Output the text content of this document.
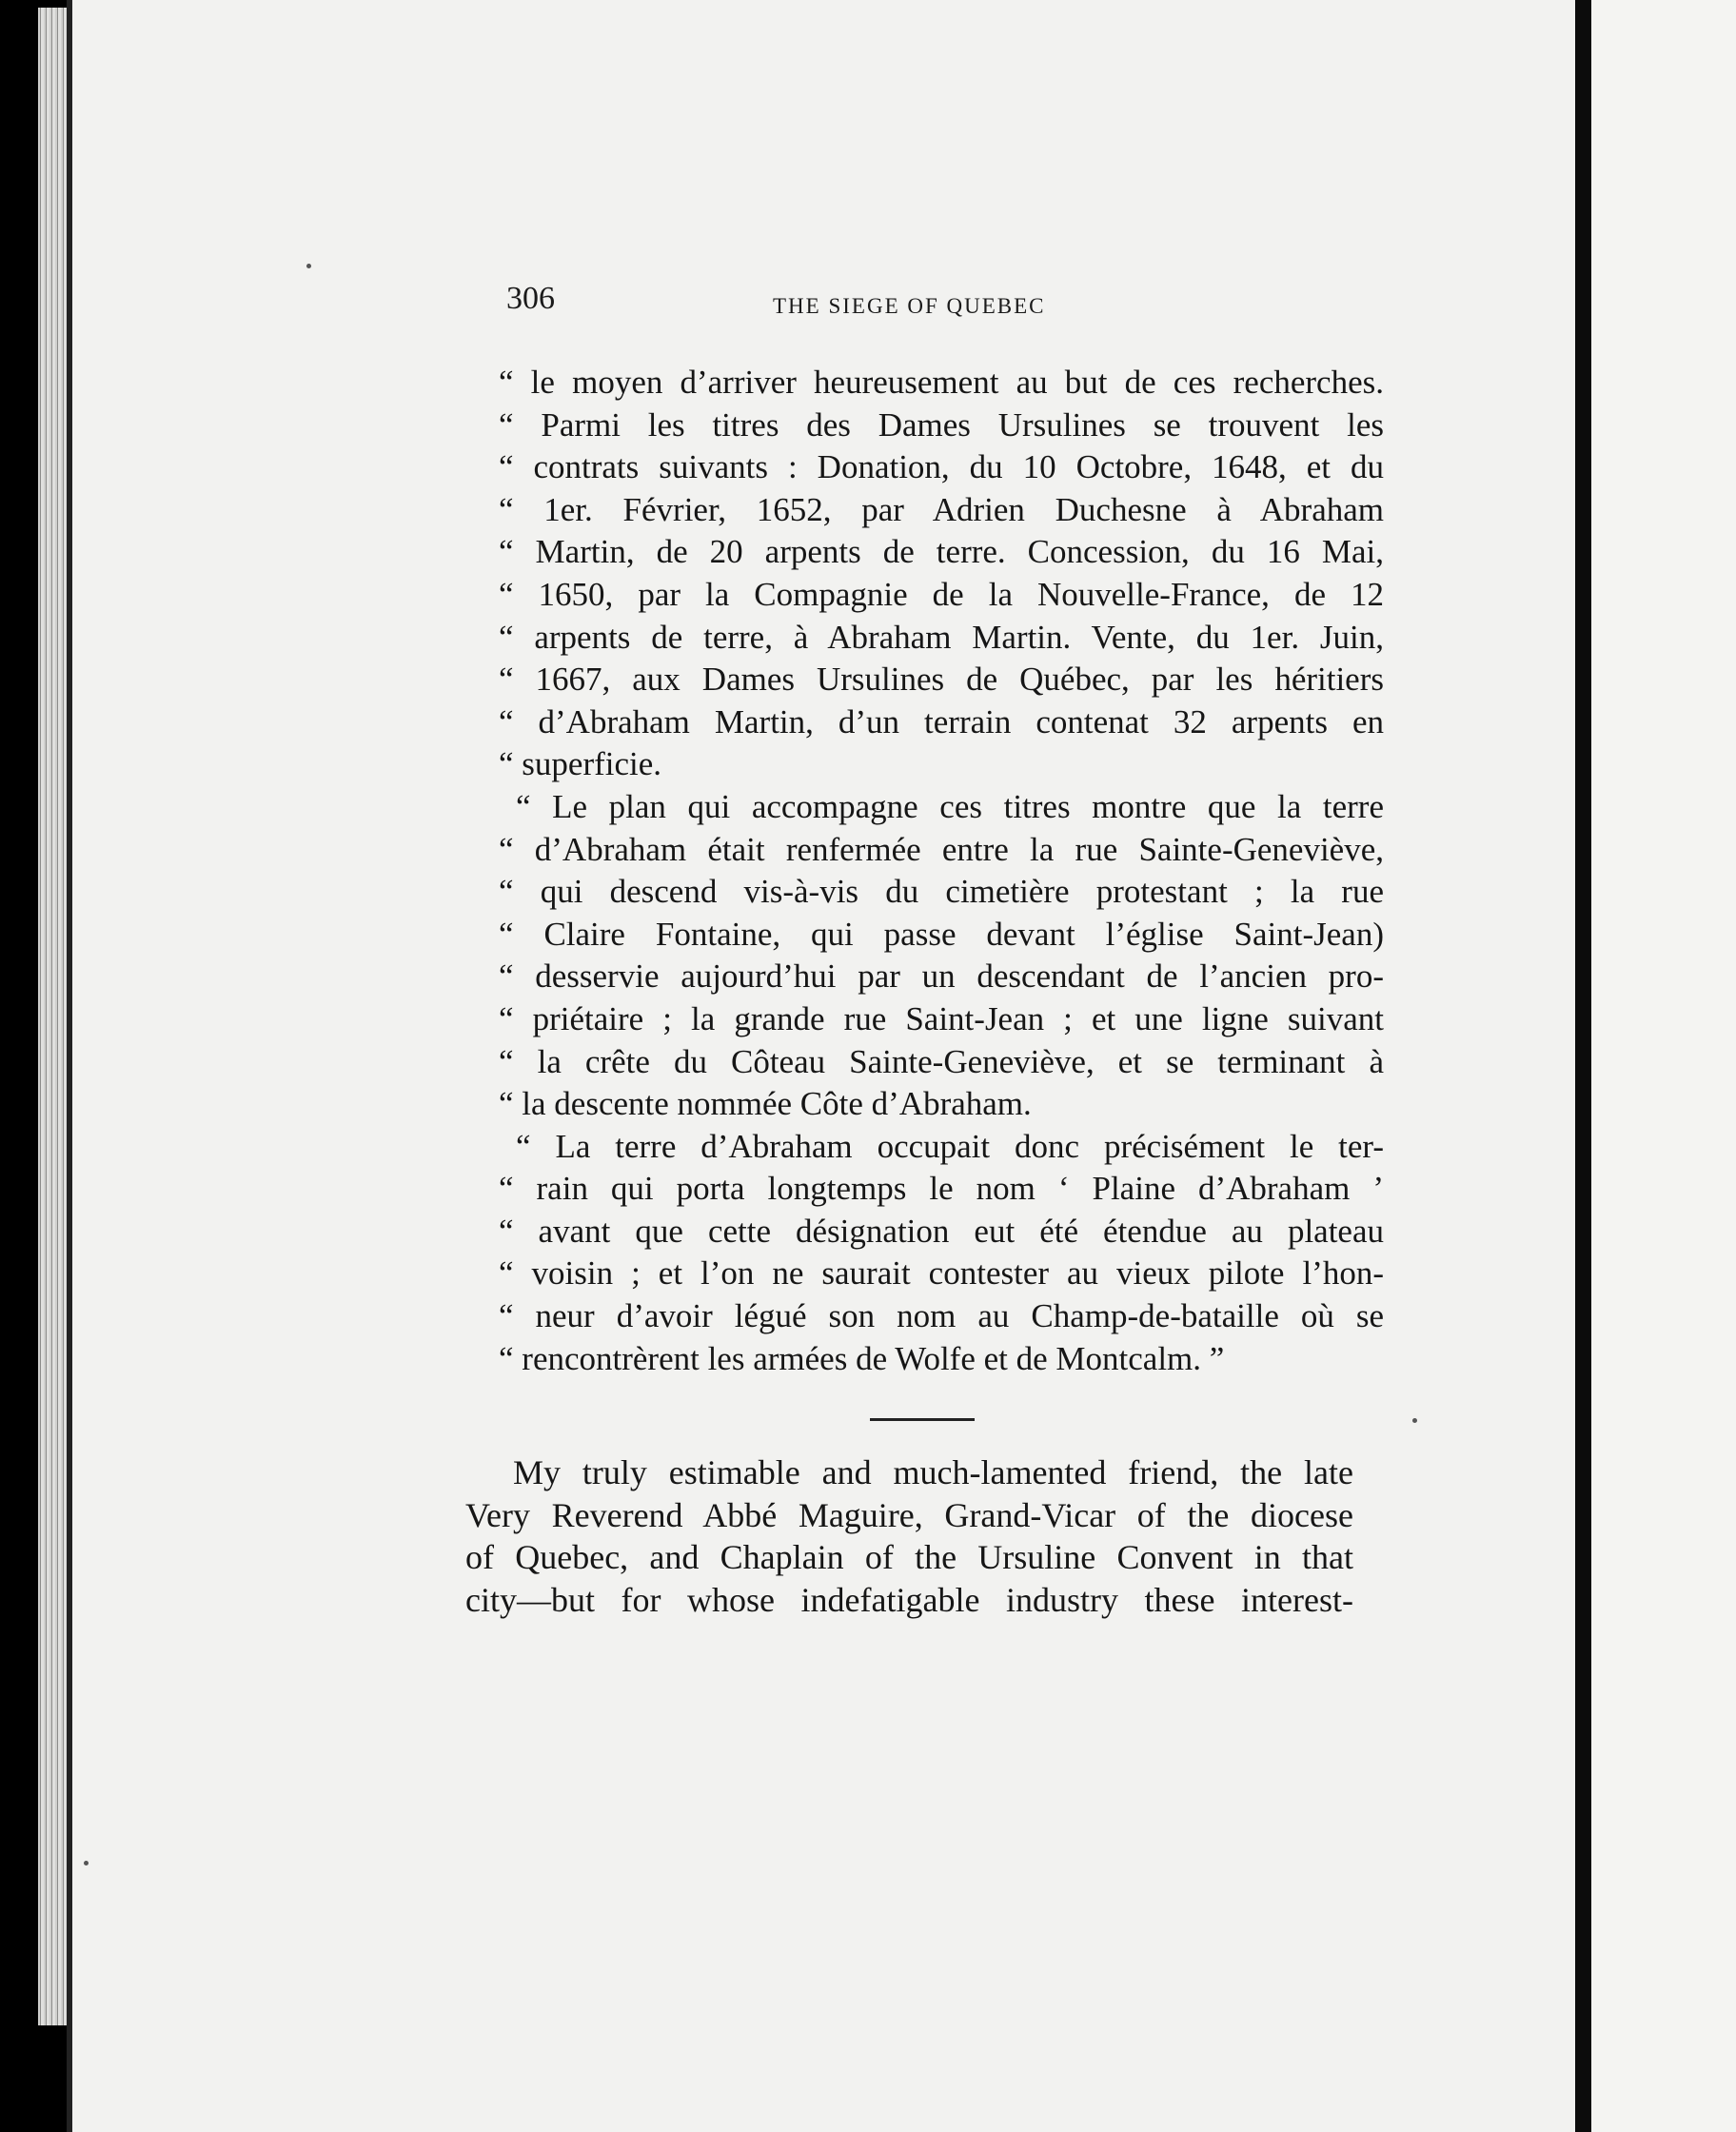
306	THE SIEGE OF QUEBEC
“ le moyen d’arriver heureusement au but de ces recherches.
“ Parmi les titres des Dames Ursulines se trouvent les
“ contrats suivants : Donation, du 10 Octobre, 1648, et du
“ 1er. Février, 1652, par Adrien Duchesne à Abraham
“ Martin, de 20 arpents de terre. Concession, du 16 Mai,
“ 1650, par la Compagnie de la Nouvelle-France, de 12
“ arpents de terre, à Abraham Martin. Vente, du 1er. Juin,
“ 1667, aux Dames Ursulines de Québec, par les héritiers
“ d’Abraham Martin, d’un terrain contenat 32 arpents en
“ superficie.
“ Le plan qui accompagne ces titres montre que la terre
“ d’Abraham était renfermée entre la rue Sainte-Geneviève,
“ qui descend vis-à-vis du cimetière protestant ; la rue
“ Claire Fontaine, qui passe devant l’église Saint-Jean)
“ desservie aujourd’hui par un descendant de l’ancien pro-
“ priétaire ; la grande rue Saint-Jean ; et une ligne suivant
“ la crête du Côteau Sainte-Geneviève, et se terminant à
“ la descente nommée Côte d’Abraham.
“ La terre d’Abraham occupait donc précisément le ter-
“ rain qui porta longtemps le nom ‘ Plaine d’Abraham ’
“ avant que cette désignation eut été étendue au plateau
“ voisin ; et l’on ne saurait contester au vieux pilote l’hon-
“ neur d’avoir légué son nom au Champ-de-bataille où se
“ rencontrèrent les armées de Wolfe et de Montcalm. ”
My truly estimable and much-lamented friend, the late
Very Reverend Abbé Maguire, Grand-Vicar of the diocese
of Quebec, and Chaplain of the Ursuline Convent in that
city—but for whose indefatigable industry these interest-
